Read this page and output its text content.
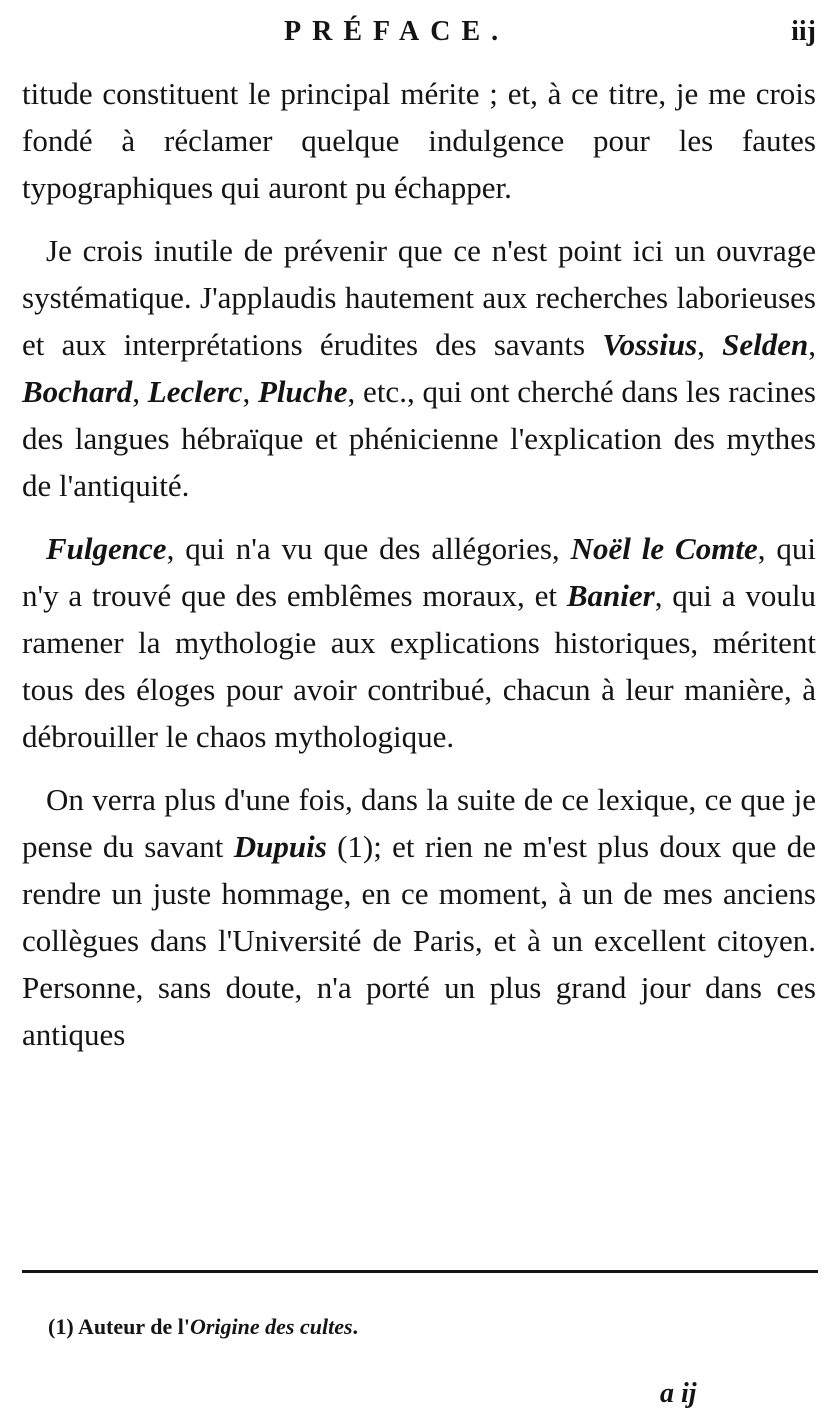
PRÉFACE.	iij

titude constituent le principal mérite ; et, à ce titre, je me crois fondé à réclamer quelque indulgence pour les fautes typographiques qui auront pu échapper.

Je crois inutile de prévenir que ce n'est point ici un ouvrage systématique. J'applaudis hautement aux recherches laborieuses et aux interprétations érudites des savants Vossius, Selden, Bochard, Leclerc, Pluche, etc., qui ont cherché dans les racines des langues hébraïque et phénicienne l'explication des mythes de l'antiquité.

Fulgence, qui n'a vu que des allégories, Noël le Comte, qui n'y a trouvé que des emblêmes moraux, et Banier, qui a voulu ramener la mythologie aux explications historiques, méritent tous des éloges pour avoir contribué, chacun à leur manière, à débrouiller le chaos mythologique.

On verra plus d'une fois, dans la suite de ce lexique, ce que je pense du savant Dupuis (1); et rien ne m'est plus doux que de rendre un juste hommage, en ce moment, à un de mes anciens collègues dans l'Université de Paris, et à un excellent citoyen. Personne, sans doute, n'a porté un plus grand jour dans ces antiques

(1) Auteur de l'Origine des cultes.
a ij
